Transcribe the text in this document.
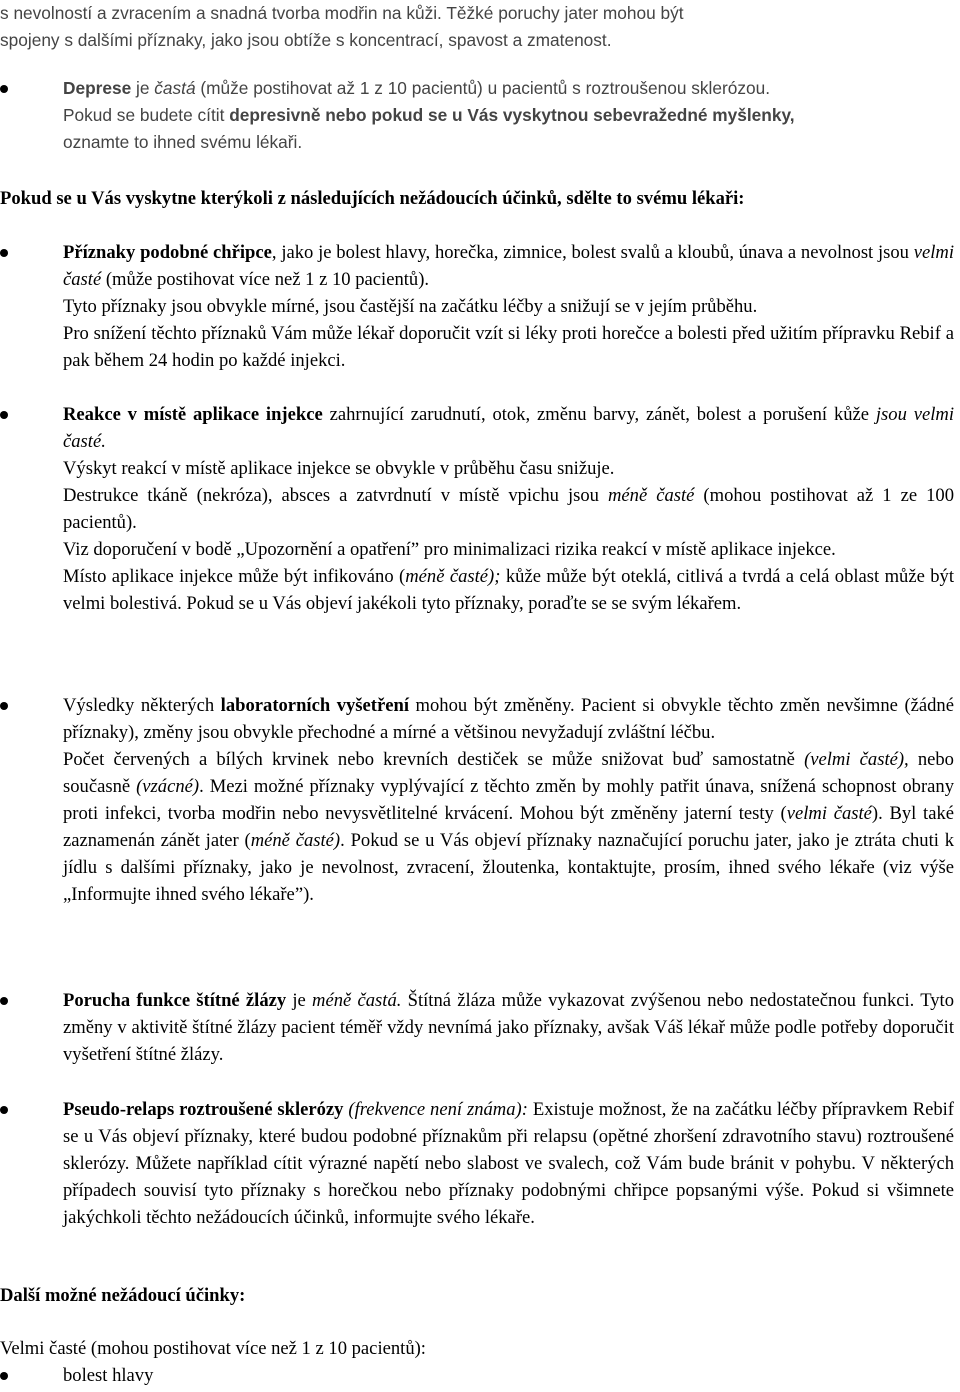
s nevolností a zvracením a snadná tvorba modřin na kůži. Těžké poruchy jater mohou být
spojeny s dalšími příznaky, jako jsou obtíže s koncentrací, spavost a zmatenost.

Deprese je častá (může postihovat až 1 z 10 pacientů) u pacientů s roztroušenou sklerózou.

Pokud se budete cítit depresivně nebo pokud se u Vás vyskytnou sebevražedné myšlenky,
oznamte to ihned svému lékaři.

Pokud se u Vás vyskytne kterýkoli z následujících nežádoucích účinků, sdělte to svému lékaři:

Příznaky podobné chřipce, jako je bolest hlavy, horečka, zimnice, bolest svalů a kloubů, únava a nevolnost jsou velmi časté (může postihovat více než 1 z 10 pacientů).

Tyto příznaky jsou obvykle mírné, jsou častější na začátku léčby a snižují se v jejím průběhu.

Pro snížení těchto příznaků Vám může lékař doporučit vzít si léky proti horečce a bolesti před užitím přípravku Rebif a pak během 24 hodin po každé injekci.

Reakce v místě aplikace injekce zahrnující zarudnutí, otok, změnu barvy, zánět, bolest a porušení kůže jsou velmi časté.

Výskyt reakcí v místě aplikace injekce se obvykle v průběhu času snižuje.

Destrukce tkáně (nekróza), absces a zatvrdnutí v místě vpichu jsou méně časté (mohou postihovat až 1 ze 100 pacientů).

Viz doporučení v bodě „Upozornění a opatření” pro minimalizaci rizika reakcí v místě aplikace injekce.

Místo aplikace injekce může být infikováno (méně časté); kůže může být oteklá, citlivá a tvrdá a celá oblast může být velmi bolestivá. Pokud se u Vás objeví jakékoli tyto příznaky, poraďte se se svým lékařem.

Výsledky některých laboratorních vyšetření mohou být změněny. Pacient si obvykle těchto změn nevšimne (žádné příznaky), změny jsou obvykle přechodné a mírné a většinou nevyžadují zvláštní léčbu.

Počet červených a bílých krvinek nebo krevních destiček se může snižovat buď samostatně (velmi časté), nebo současně (vzácné). Mezi možné příznaky vyplývající z těchto změn by mohly patřit únava, snížená schopnost obrany proti infekci, tvorba modřin nebo nevysvětlitelné krvácení. Mohou být změněny jaterní testy (velmi časté). Byl také zaznamenán zánět jater (méně časté). Pokud se u Vás objeví příznaky naznačující poruchu jater, jako je ztráta chuti k jídlu s dalšími příznaky, jako je nevolnost, zvracení, žloutenka, kontaktujte, prosím, ihned svého lékaře (viz výše „Informujte ihned svého lékaře”).

Porucha funkce štítné žlázy je méně častá. Štítná žláza může vykazovat zvýšenou nebo nedostatečnou funkci. Tyto změny v aktivitě štítné žlázy pacient téměř vždy nevnímá jako příznaky, avšak Váš lékař může podle potřeby doporučit vyšetření štítné žlázy.

Pseudo-relaps roztroušené sklerózy (frekvence není známa): Existuje možnost, že na začátku léčby přípravkem Rebif se u Vás objeví příznaky, které budou podobné příznakům při relapsu (opětné zhoršení zdravotního stavu) roztroušené sklerózy. Můžete například cítit výrazné napětí nebo slabost ve svalech, což Vám bude bránit v pohybu. V některých případech souvisí tyto příznaky s horečkou nebo příznaky podobnými chřipce popsanými výše. Pokud si všimnete jakýchkoli těchto nežádoucích účinků, informujte svého lékaře.

Další možné nežádoucí účinky:

Velmi časté (mohou postihovat více než 1 z 10 pacientů):

bolest hlavy
